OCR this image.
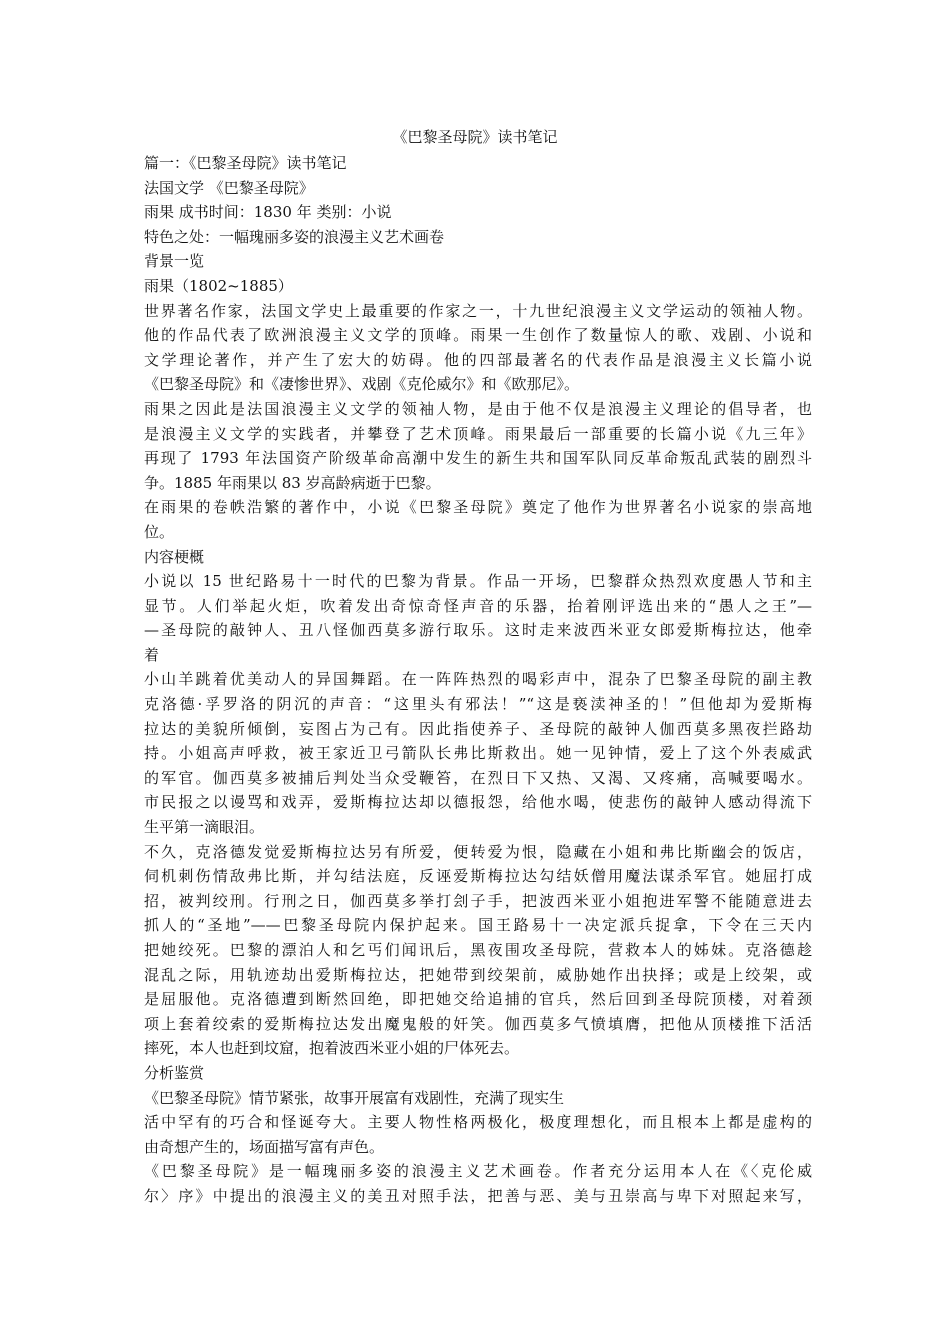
《巴黎圣母院》读书笔记
篇一：《巴黎圣母院》读书笔记
法国文学 《巴黎圣母院》
雨果 成书时间：1830 年 类别：小说
特色之处：一幅瑰丽多姿的浪漫主义艺术画卷
背景一览
雨果（1802~1885）
世界著名作家，法国文学史上最重要的作家之一，十九世纪浪漫主义文学运动的领袖人物。
他的作品代表了欧洲浪漫主义文学的顶峰。雨果一生创作了数量惊人的歌、戏剧、小说和
文学理论著作，并产生了宏大的妨碍。他的四部最著名的代表作品是浪漫主义长篇小说
《巴黎圣母院》和《凄惨世界》、戏剧《克伦威尔》和《欧那尼》。
雨果之因此是法国浪漫主义文学的领袖人物，是由于他不仅是浪漫主义理论的倡导者，也
是浪漫主义文学的实践者，并攀登了艺术顶峰。雨果最后一部重要的长篇小说《九三年》
再现了 1793 年法国资产阶级革命高潮中发生的新生共和国军队同反革命叛乱武装的剧烈斗
争。1885 年雨果以 83 岁高龄病逝于巴黎。
在雨果的卷帙浩繁的著作中，小说《巴黎圣母院》奠定了他作为世界著名小说家的崇高地
位。
内容梗概
小说以 15 世纪路易十一时代的巴黎为背景。作品一开场，巴黎群众热烈欢度愚人节和主
显节。人们举起火炬，吹着发出奇惊奇怪声音的乐器，抬着刚评选出来的“愚人之王”—
—圣母院的敲钟人、丑八怪伽西莫多游行取乐。这时走来波西米亚女郎爱斯梅拉达，他牵
着
小山羊跳着优美动人的异国舞蹈。在一阵阵热烈的喝彩声中，混杂了巴黎圣母院的副主教
克洛德·孚罗洛的阴沉的声音：“这里头有邪法！”“这是亵渎神圣的！”但他却为爱斯梅
拉达的美貌所倾倒，妄图占为己有。因此指使养子、圣母院的敲钟人伽西莫多黑夜拦路劫
持。小姐高声呼救，被王家近卫弓箭队长弗比斯救出。她一见钟情，爱上了这个外表威武
的军官。伽西莫多被捕后判处当众受鞭笞，在烈日下又热、又渴、又疼痛，高喊要喝水。
市民报之以谩骂和戏弄，爱斯梅拉达却以德报怨，给他水喝，使悲伤的敲钟人感动得流下
生平第一滴眼泪。
不久，克洛德发觉爱斯梅拉达另有所爱，便转爱为恨，隐藏在小姐和弗比斯幽会的饭店，
伺机刺伤情敌弗比斯，并勾结法庭，反诬爱斯梅拉达勾结妖僧用魔法谋杀军官。她屈打成
招，被判绞刑。行刑之日，伽西莫多挙打刽子手，把波西米亚小姐抱进军警不能随意进去
抓人的“圣地”——巴黎圣母院内保护起来。国王路易十一决定派兵捉拿，下令在三天内
把她绞死。巴黎的漂泊人和乞丐们闻讯后，黑夜围攻圣母院，营救本人的姊妹。克洛德趁
混乱之际，用轨迹劫出爱斯梅拉达，把她带到绞架前，威胁她作出抉择；或是上绞架，或
是屈服他。克洛德遭到断然回绝，即把她交给追捕的官兵，然后回到圣母院顶楼，对着颈
项上套着绞索的爱斯梅拉达发出魔鬼般的奸笑。伽西莫多气愤填膺，把他从顶楼推下活活
摔死，本人也赶到坟窟，抱着波西米亚小姐的尸体死去。
分析鉴赏
《巴黎圣母院》情节紧张，故事开展富有戏剧性，充满了现实生
活中罕有的巧合和怪诞夸大。主要人物性格两极化，极度理想化，而且根本上都是虚构的
由奇想产生的，场面描写富有声色。
《巴黎圣母院》是一幅瑰丽多姿的浪漫主义艺术画卷。作者充分运用本人在《〈克伦威
尔〉序》中提出的浪漫主义的美丑对照手法，把善与恶、美与丑崇高与卑下对照起来写，
